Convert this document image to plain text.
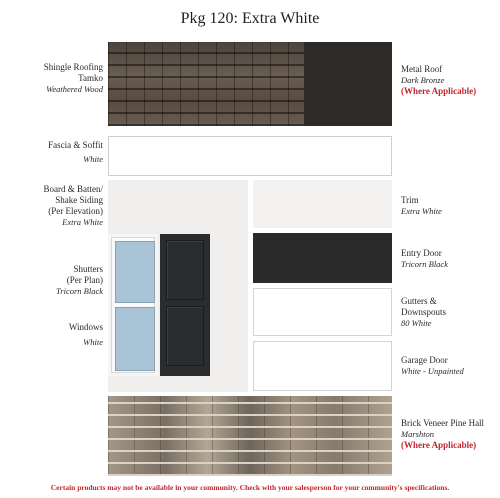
Pkg 120: Extra White
Shingle Roofing
Tamko
Weathered Wood
Fascia & Soffit
White
Board & Batten/
Shake Siding
(Per Elevation)
Extra White
Shutters
(Per Plan)
Tricorn Black
Windows
White
Metal Roof
Dark Bronze
(Where Applicable)
Trim
Extra White
Entry Door
Tricorn Black
Gutters &
Downspouts
80 White
Garage Door
White - Unpainted
Brick Veneer Pine Hall
Marshton
(Where Applicable)
Certain products may not be available in your community. Check with your salesperson for your community's specifications.
